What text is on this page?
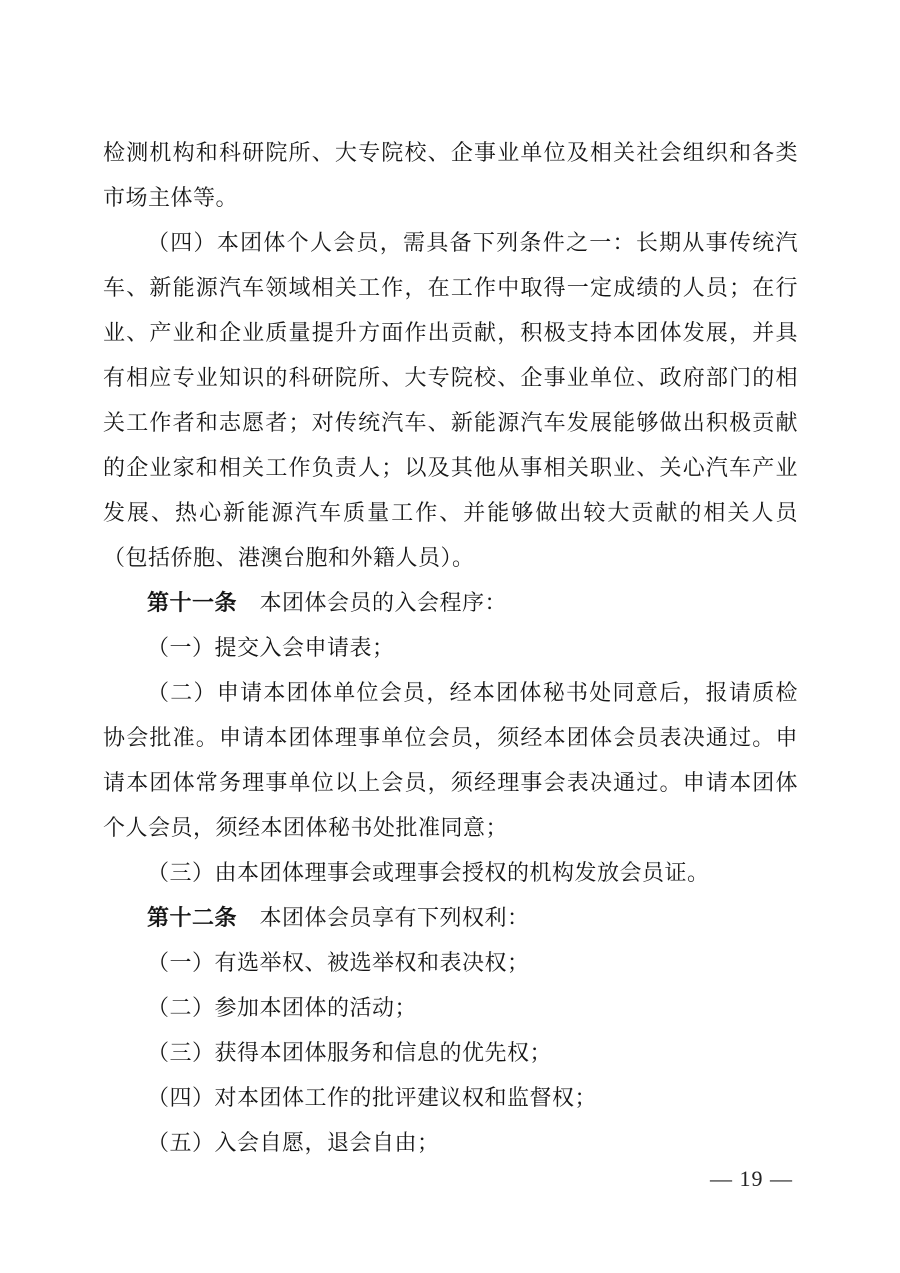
检测机构和科研院所、大专院校、企事业单位及相关社会组织和各类市场主体等。

（四）本团体个人会员，需具备下列条件之一：长期从事传统汽车、新能源汽车领域相关工作，在工作中取得一定成绩的人员；在行业、产业和企业质量提升方面作出贡献，积极支持本团体发展，并具有相应专业知识的科研院所、大专院校、企事业单位、政府部门的相关工作者和志愿者；对传统汽车、新能源汽车发展能够做出积极贡献的企业家和相关工作负责人；以及其他从事相关职业、关心汽车产业发展、热心新能源汽车质量工作、并能够做出较大贡献的相关人员（包括侨胞、港澳台胞和外籍人员）。

第十一条　本团体会员的入会程序：

（一）提交入会申请表；

（二）申请本团体单位会员，经本团体秘书处同意后，报请质检协会批准。申请本团体理事单位会员，须经本团体会员表决通过。申请本团体常务理事单位以上会员，须经理事会表决通过。申请本团体个人会员，须经本团体秘书处批准同意；

（三）由本团体理事会或理事会授权的机构发放会员证。

第十二条　本团体会员享有下列权利：

（一）有选举权、被选举权和表决权；

（二）参加本团体的活动；

（三）获得本团体服务和信息的优先权；

（四）对本团体工作的批评建议权和监督权；

（五）入会自愿，退会自由；

— 19 —
